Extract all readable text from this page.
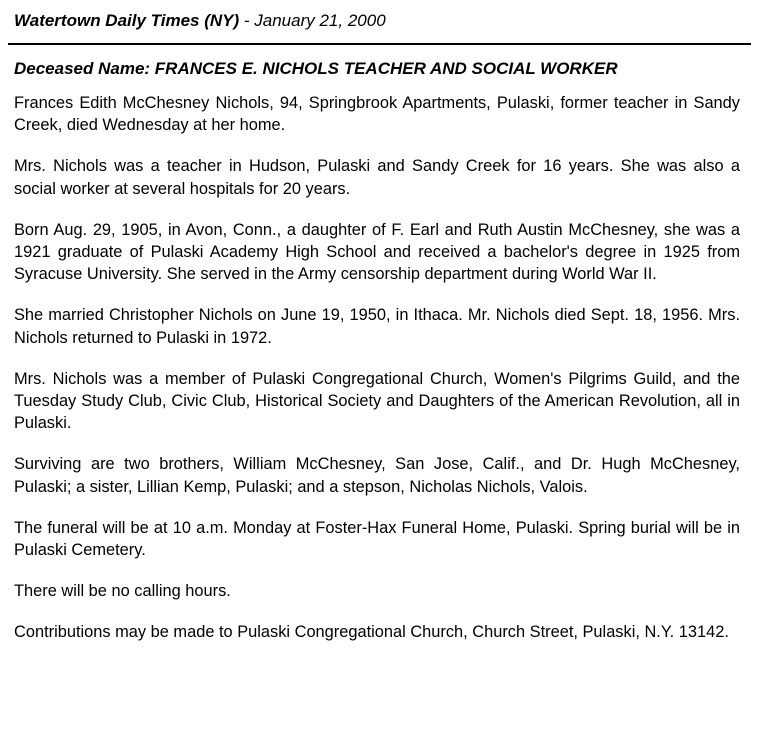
Watertown Daily Times (NY) - January 21, 2000
Deceased Name: FRANCES E. NICHOLS TEACHER AND SOCIAL WORKER

Frances Edith McChesney Nichols, 94, Springbrook Apartments, Pulaski, former teacher in Sandy Creek, died Wednesday at her home.

Mrs. Nichols was a teacher in Hudson, Pulaski and Sandy Creek for 16 years. She was also a social worker at several hospitals for 20 years.

Born Aug. 29, 1905, in Avon, Conn., a daughter of F. Earl and Ruth Austin McChesney, she was a 1921 graduate of Pulaski Academy High School and received a bachelor's degree in 1925 from Syracuse University. She served in the Army censorship department during World War II.

She married Christopher Nichols on June 19, 1950, in Ithaca. Mr. Nichols died Sept. 18, 1956. Mrs. Nichols returned to Pulaski in 1972.

Mrs. Nichols was a member of Pulaski Congregational Church, Women's Pilgrims Guild, and the Tuesday Study Club, Civic Club, Historical Society and Daughters of the American Revolution, all in Pulaski.

Surviving are two brothers, William McChesney, San Jose, Calif., and Dr. Hugh McChesney, Pulaski; a sister, Lillian Kemp, Pulaski; and a stepson, Nicholas Nichols, Valois.

The funeral will be at 10 a.m. Monday at Foster-Hax Funeral Home, Pulaski. Spring burial will be in Pulaski Cemetery.

There will be no calling hours.

Contributions may be made to Pulaski Congregational Church, Church Street, Pulaski, N.Y. 13142.
